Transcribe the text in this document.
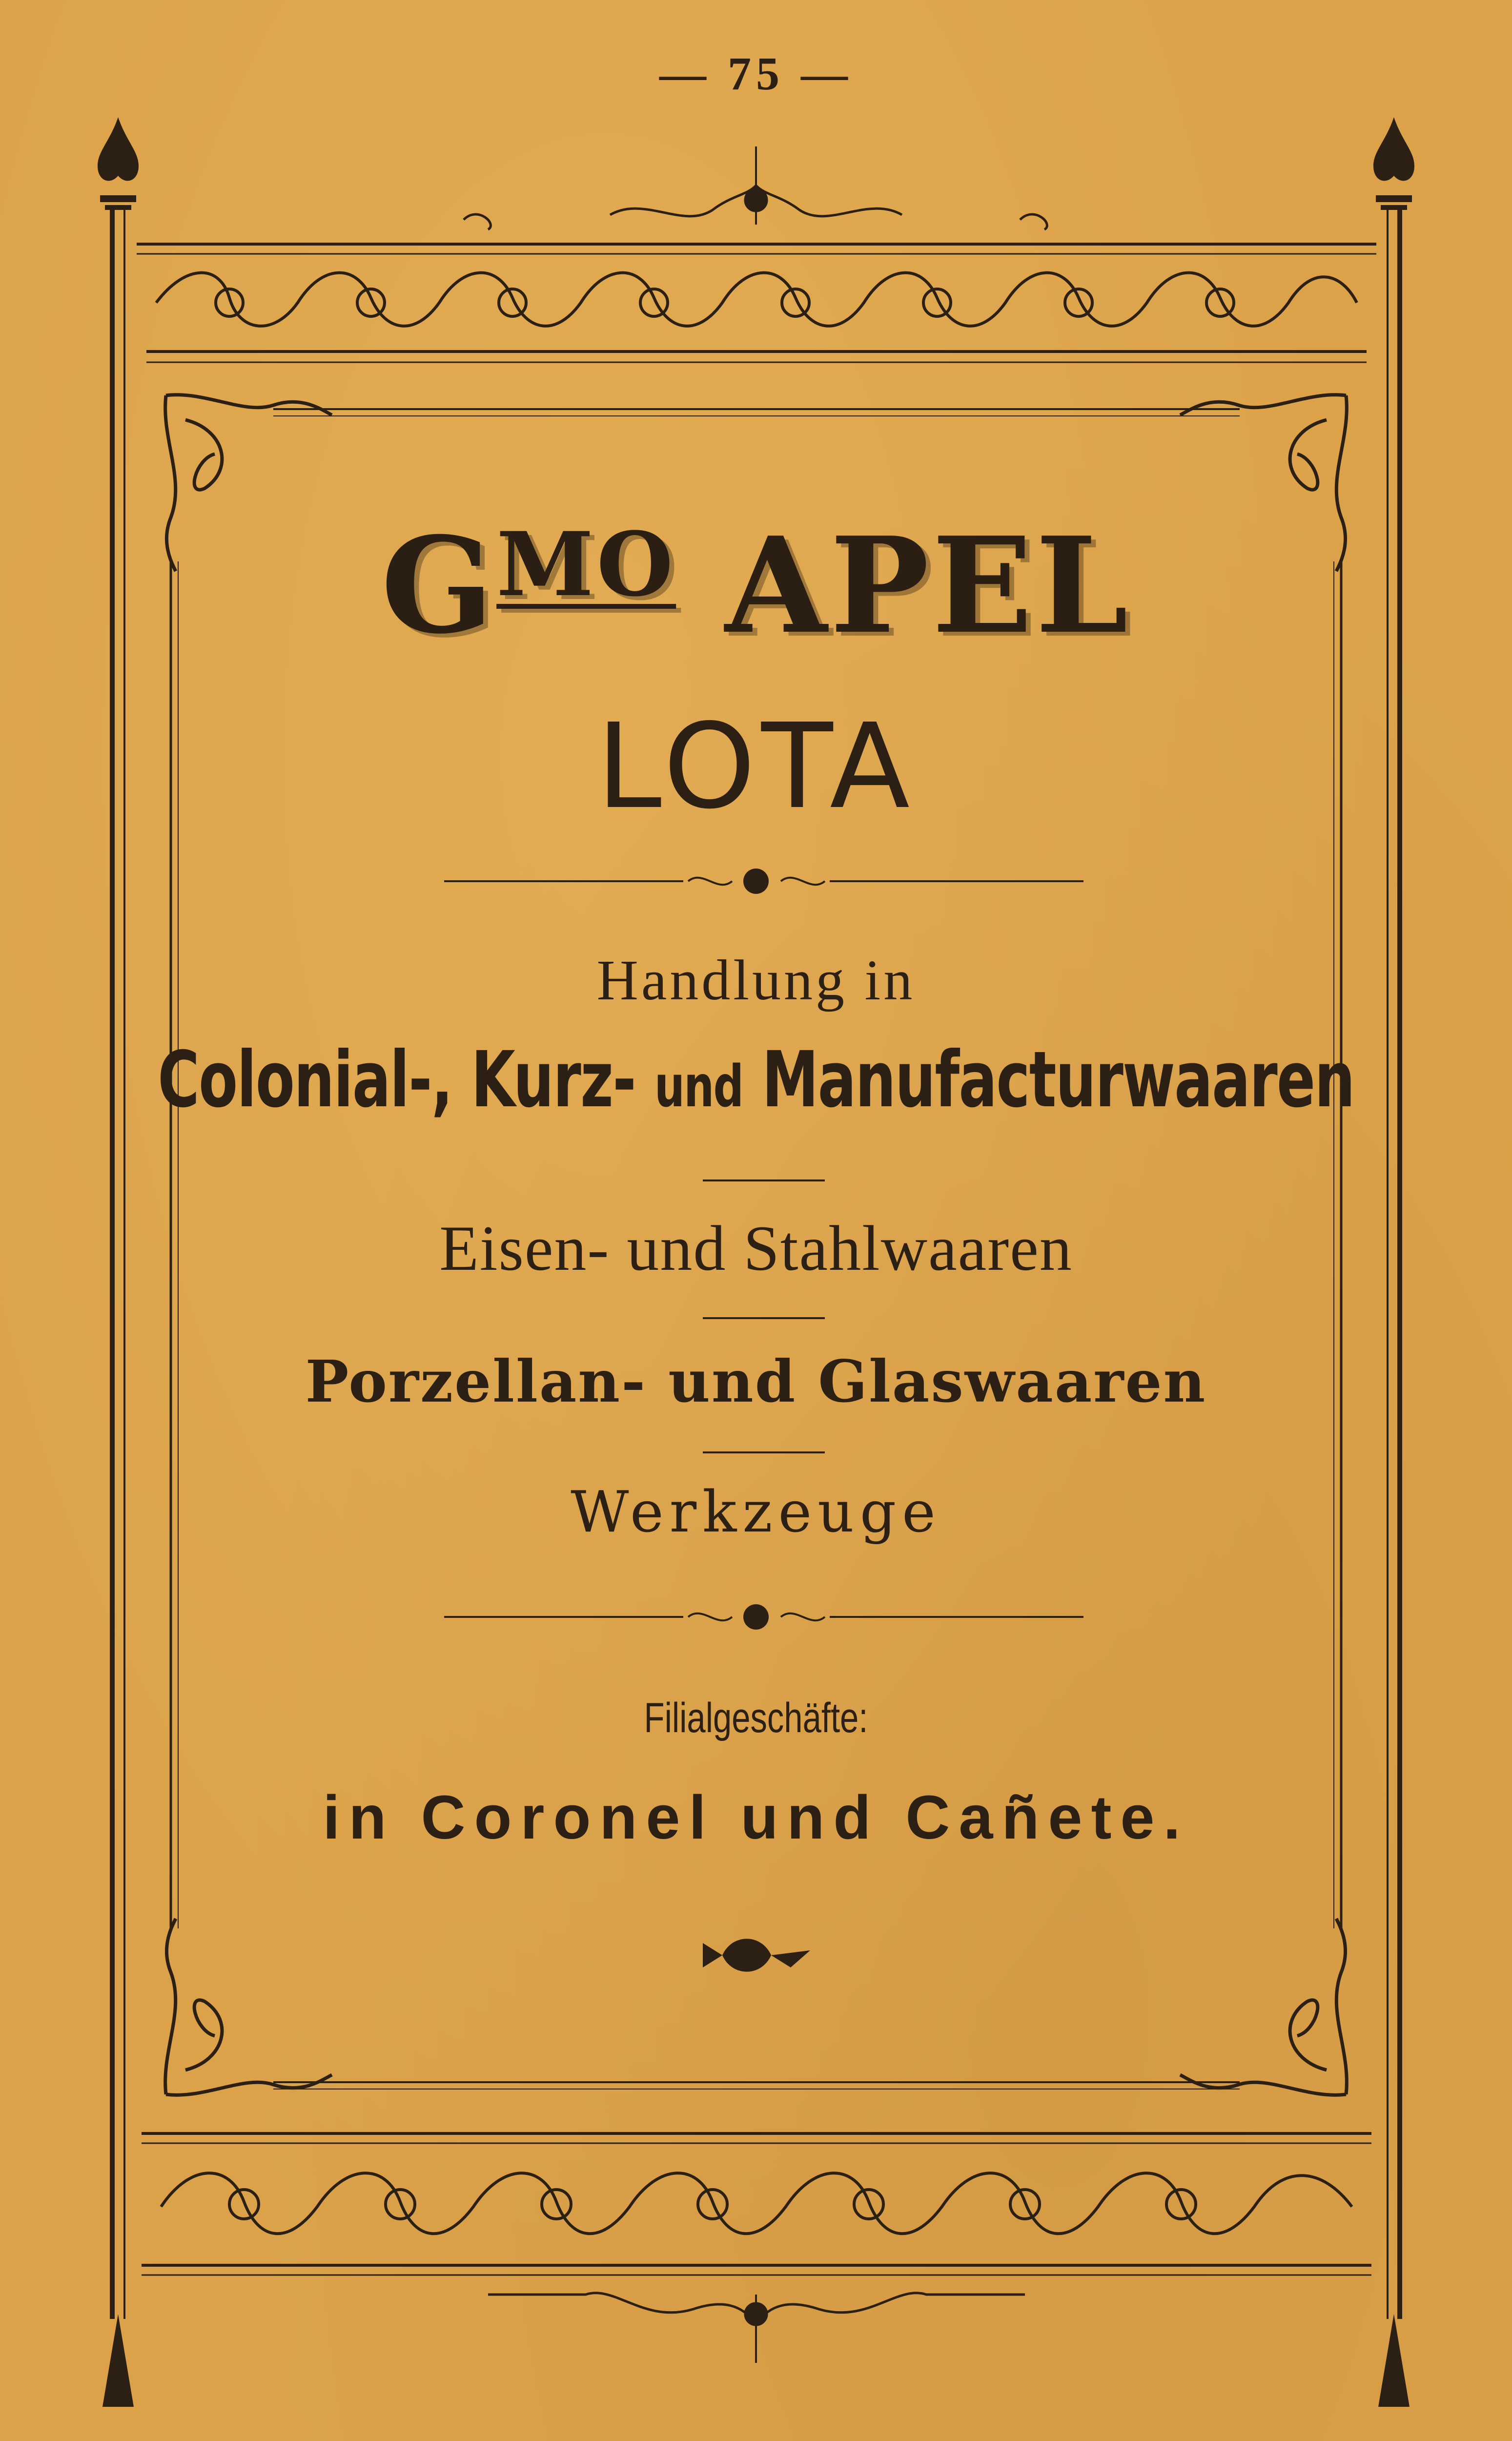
— 75 —
$G^{MO}$ APEL
LOTA
Handlung in
Colonial-, Kurz- und Manufacturwaaren
Eisen- und Stahlwaaren
Porzellan- und Glaswaaren
Werkzeuge
Filialgeschäfte:
in Coronel und Cañete.
